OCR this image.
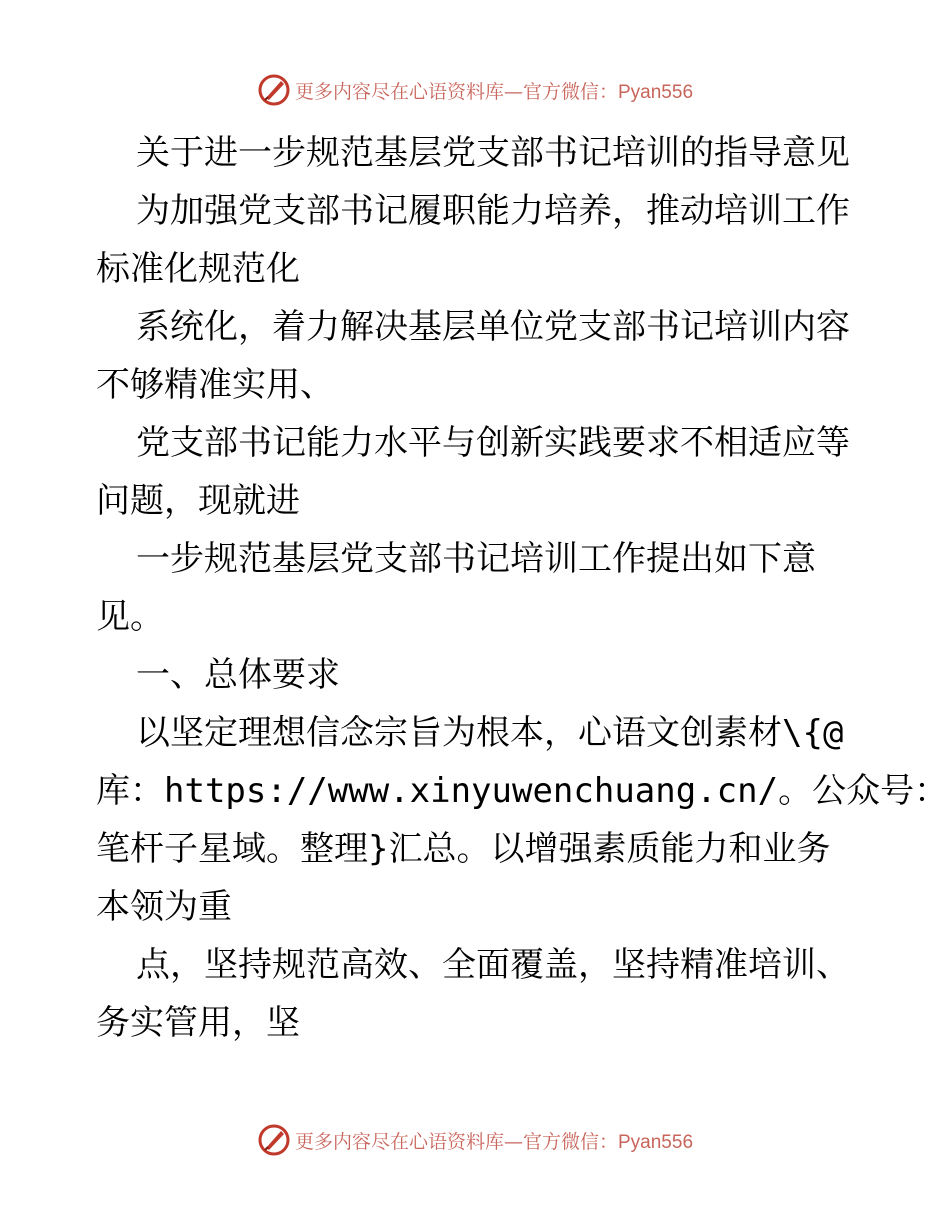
更多内容尽在心语资料库—官方微信：Pyan556
关于进一步规范基层党支部书记培训的指导意见
为加强党支部书记履职能力培养，推动培训工作
标准化规范化
系统化，着力解决基层单位党支部书记培训内容
不够精准实用、
党支部书记能力水平与创新实践要求不相适应等
问题，现就进
一步规范基层党支部书记培训工作提出如下意
见。
一、总体要求
以坚定理想信念宗旨为根本，心语文创素材\{@
库：https://www.xinyuwenchuang.cn/。公众号：
笔杆子星域。整理}汇总。以增强素质能力和业务
本领为重
点，坚持规范高效、全面覆盖，坚持精准培训、
务实管用，坚
更多内容尽在心语资料库—官方微信：Pyan556
